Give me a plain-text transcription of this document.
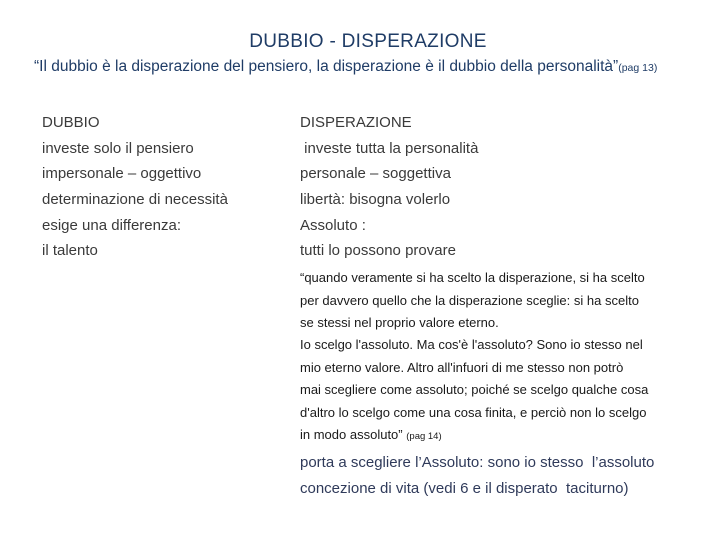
DUBBIO - DISPERAZIONE
“Il dubbio è la disperazione del pensiero, la disperazione è il dubbio della personalità”(pag 13)
DUBBIO
investe solo il pensiero
impersonale – oggettivo
determinazione di necessità
esige una differenza:
il talento
DISPERAZIONE
investe tutta la personalità
personale – soggettiva
libertà: bisogna volerlo
Assoluto :
tutti lo possono provare
“quando veramente si ha scelto la disperazione, si ha scelto
per davvero quello che la disperazione sceglie: si ha scelto
se stessi nel proprio valore eterno.
Io scelgo l'assoluto. Ma cos'è l'assoluto? Sono io stesso nel
mio eterno valore. Altro all'infuori di me stesso non potrò
mai scegliere come assoluto; poiché se scelgo qualche cosa
d'altro lo scelgo come una cosa finita, e perciò non lo scelgo
in modo assoluto” (pag 14)
porta a scegliere l’Assoluto: sono io stesso  l’assoluto
concezione di vita (vedi 6 e il disperato  taciturno)
